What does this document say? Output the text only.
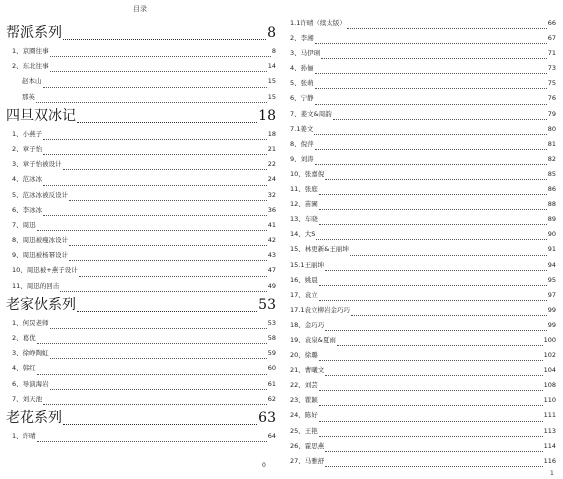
目录
帮派系列	8
1、京圈往事	8
2、东北往事	14
赵本山	15
那英	15
四旦双冰记	18
1、小燕子	18
2、章子怡	21
3、章子怡被设计	22
4、范冰冰	24
5、范冰冰被反设计	32
6、李冰冰	36
7、周迅	41
8、周迅被瘦冰设计	42
9、周迅被杨幂设计	43
10、周迅被+燕子设计	47
11、周迅的回击	49
老家伙系列	53
1、何炅老师	53
2、葛优	58
3、徐峥陶虹	59
4、韩红	60
6、导演海岩	61
7、刘天池	62
老花系列	63
1、许晴	64
1.1许晴（续太版）	66
2、李湘	67
3、马伊琍	71
4、孙俪	73
5、张萌	75
6、宁静	76
7、姜文&周韵	79
7.1姜文	80
8、倪萍	81
9、刘涛	82
10、张嘉倪	85
11、张庭	86
12、苗圃	88
13、车晓	89
14、大S	90
15、林更新&王丽坤	91
15.1王丽坤	94
16、姚晨	95
17、袁立	97
17.1袁立柳岩金巧巧	99
18、金巧巧	99
19、袁泉&夏雨	100
20、徐璐	102
21、曹曦文	104
22、刘芸	108
23、瞿颖	110
24、陈好	111
25、王艳	113
26、霍思燕	114
27、马雅舒	116
0
1
